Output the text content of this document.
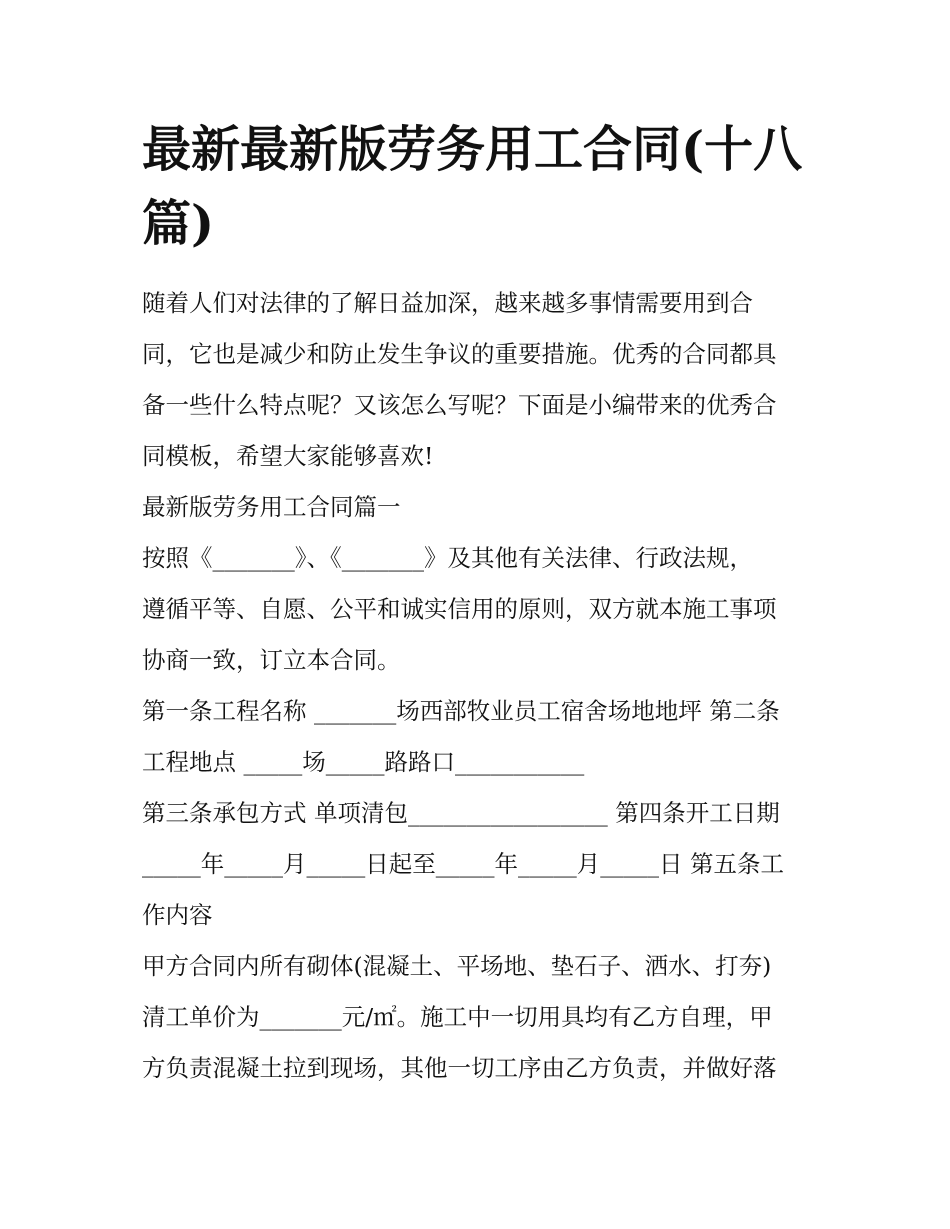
最新最新版劳务用工合同(十八
篇)
随着人们对法律的了解日益加深，越来越多事情需要用到合
同，它也是减少和防止发生争议的重要措施。优秀的合同都具
备一些什么特点呢？又该怎么写呢？下面是小编带来的优秀合
同模板，希望大家能够喜欢!
最新版劳务用工合同篇一
按照《_______》、《_______》及其他有关法律、行政法规，
遵循平等、自愿、公平和诚实信用的原则，双方就本施工事项
协商一致，订立本合同。
第一条工程名称 _______场西部牧业员工宿舍场地地坪 第二条
工程地点 _____场_____路路口___________
第三条承包方式 单项清包_________________ 第四条开工日期
_____年_____月_____日起至_____年_____月_____日 第五条工
作内容
甲方合同内所有砌体(混凝土、平场地、垫石子、洒水、打夯)
清工单价为_______元/㎡。施工中一切用具均有乙方自理，甲
方负责混凝土拉到现场，其他一切工序由乙方负责，并做好落
